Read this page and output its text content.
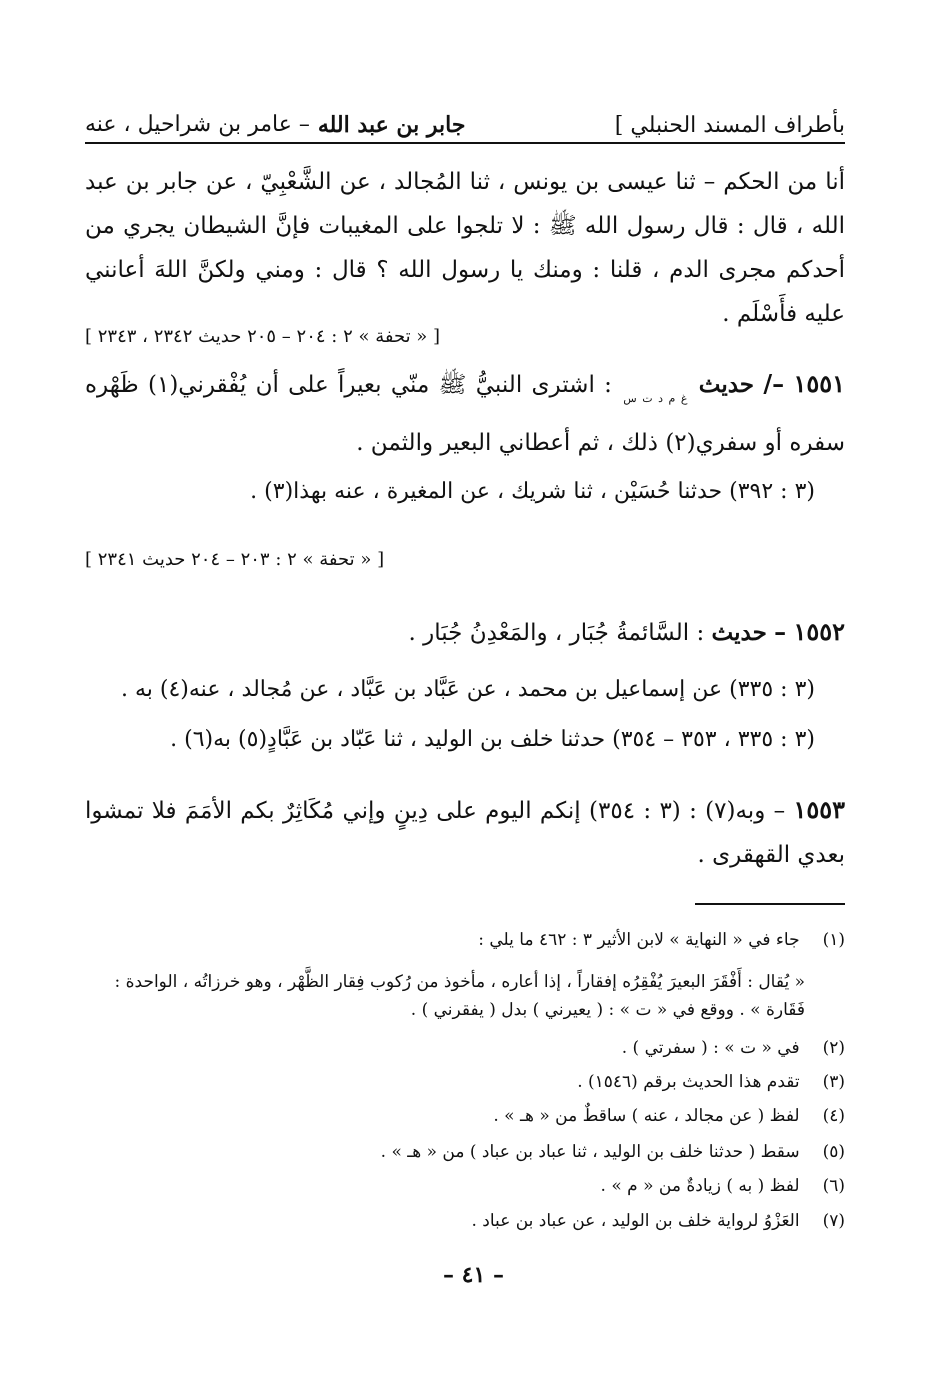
بأطراف المسند الحنبلي ]
جابر بن عبد الله
– عامر بن شراحيل ، عنه
أنا من الحكم – ثنا عيسى بن يونس ، ثنا المُجالد ، عن الشَّعْبِيّ ، عن جابر بن عبد الله ، قال : قال رسول الله ﷺ : لا تلجوا على المغيبات فإنَّ الشيطان يجري من أحدكم مجرى الدم ، قلنا : ومنك يا رسول الله ؟ قال : ومني ولكنَّ اللهَ أعانني عليه فأَسْلَم .
[ « تحفة » ٢ : ٢٠٤ – ٢٠٥ حديث ٢٣٤٢ ، ٢٣٤٣ ]
١٥٥١ –/ حديث $_{غ م د ت س}$ : اشترى النبيُّ ﷺ منّي بعيراً على أن يُفْقرني(١) ظَهْره سفره أو سفري(٢) ذلك ، ثم أعطاني البعير والثمن .
(٣ : ٣٩٢) حدثنا حُسَيْن ، ثنا شريك ، عن المغيرة ، عنه بهذا(٣) .
[ « تحفة » ٢ : ٢٠٣ – ٢٠٤ حديث ٢٣٤١ ]
١٥٥٢ – حديث : السَّائمةُ جُبَار ، والمَعْدِنُ جُبَار .
(٣ : ٣٣٥) عن إسماعيل بن محمد ، عن عَبَّاد بن عَبَّاد ، عن مُجالد ، عنه(٤) به .
(٣ : ٣٣٥ ، ٣٥٣ – ٣٥٤) حدثنا خلف بن الوليد ، ثنا عَبّاد بن عَبَّادٍ(٥) به(٦) .
١٥٥٣ – وبه(٧) : (٣ : ٣٥٤) إنكم اليوم على دِينٍ وإني مُكَاثِرٌ بكم الأمَمَ فلا تمشوا بعدي القهقرى .
(١) جاء في « النهاية » لابن الأثير ٣ : ٤٦٢ ما يلي :
« يُقال : أَفْقَرَ البعيرَ يُفْقِرُه إفقاراً ، إذا أعاره ، مأخوذ من رُكوب فِقار الظَّهْر ، وهو خرزاتُه ، الواحدة : فَقَارة » . ووقع في « ت » : ( يعيرني ) بدل ( يفقرني ) .
(٢) في « ت » : ( سفرتي ) .
(٣) تقدم هذا الحديث برقم (١٥٤٦) .
(٤) لفظ ( عن مجالد ، عنه ) ساقطٌ من « هـ » .
(٥) سقط ( حدثنا خلف بن الوليد ، ثنا عباد بن عباد ) من « هـ » .
(٦) لفظ ( به ) زيادةٌ من « م » .
(٧) العَزْوُ لرواية خلف بن الوليد ، عن عباد بن عباد .
– ٤١ –
